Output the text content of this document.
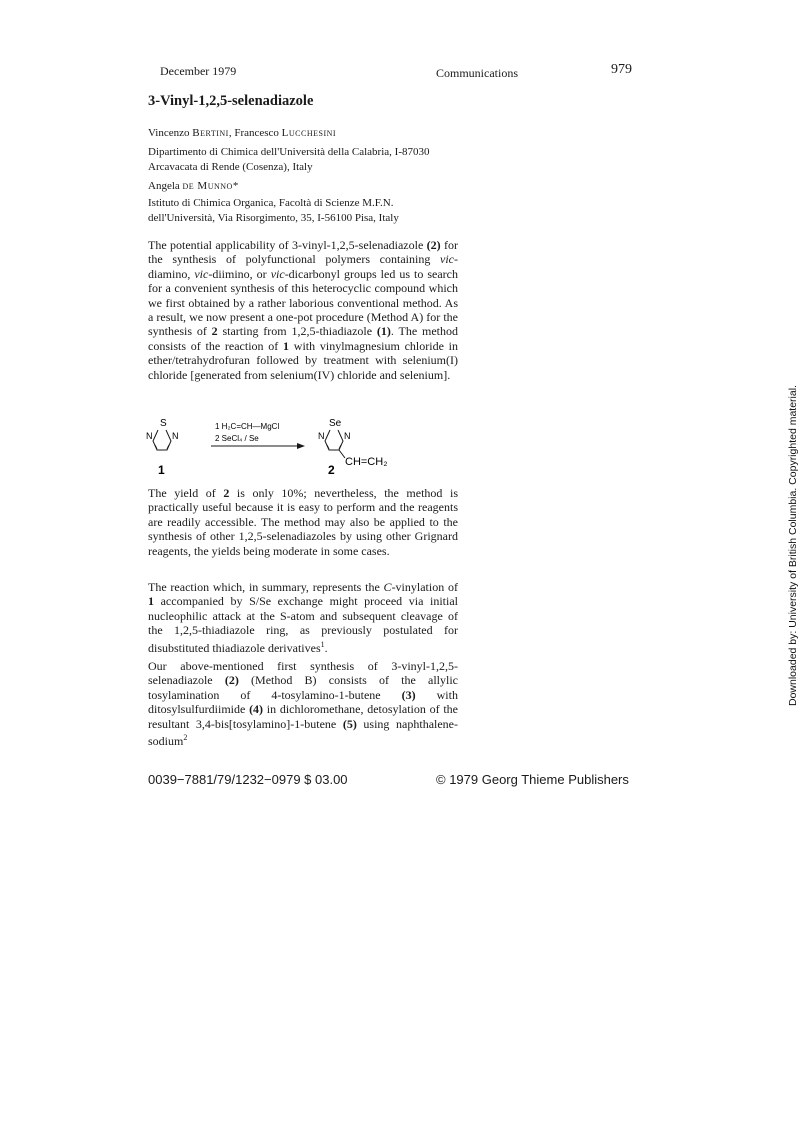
December 1979	Communications	979
3-Vinyl-1,2,5-selenadiazole
Vincenzo Bertini, Francesco Lucchesini
Dipartimento di Chimica dell'Università della Calabria, I-87030 Arcavacata di Rende (Cosenza), Italy
Angela de Munno*
Istituto di Chimica Organica, Facoltà di Scienze M.F.N. dell'Università, Via Risorgimento, 35, I-56100 Pisa, Italy
The potential applicability of 3-vinyl-1,2,5-selenadiazole (2) for the synthesis of polyfunctional polymers containing vic-diamino, vic-diimino, or vic-dicarbonyl groups led us to search for a convenient synthesis of this heterocyclic compound which we first obtained by a rather laborious conventional method. As a result, we now present a one-pot procedure (Method A) for the synthesis of 2 starting from 1,2,5-thiadiazole (1). The method consists of the reaction of 1 with vinylmagnesium chloride in ether/tetrahydrofuran followed by treatment with selenium(I) chloride [generated from selenium(IV) chloride and selenium].
S
N N
1
1 H₂C=CH—MgCl
2 SeCl₄ / Se
Se
N N
CH=CH₂
2
The yield of 2 is only 10%; nevertheless, the method is practically useful because it is easy to perform and the reagents are readily accessible. The method may also be applied to the synthesis of other 1,2,5-selenadiazoles by using other Grignard reagents, the yields being moderate in some cases.
The reaction which, in summary, represents the C-vinylation of 1 accompanied by S/Se exchange might proceed via initial nucleophilic attack at the S-atom and subsequent cleavage of the 1,2,5-thiadiazole ring, as previously postulated for disubstituted thiadiazole derivatives$^1$.
Our above-mentioned first synthesis of 3-vinyl-1,2,5-selenadiazole (2) (Method B) consists of the allylic tosylamination of 4-tosylamino-1-butene (3) with ditosylsulfurdiimide (4) in dichloromethane, detosylation of the resultant 3,4-bis[tosylamino]-1-butene (5) using naphthalene-sodium$^2$
0039−7881/79/1232−0979 $ 03.00	© 1979 Georg Thieme Publishers
Downloaded by: University of British Columbia. Copyrighted material.
